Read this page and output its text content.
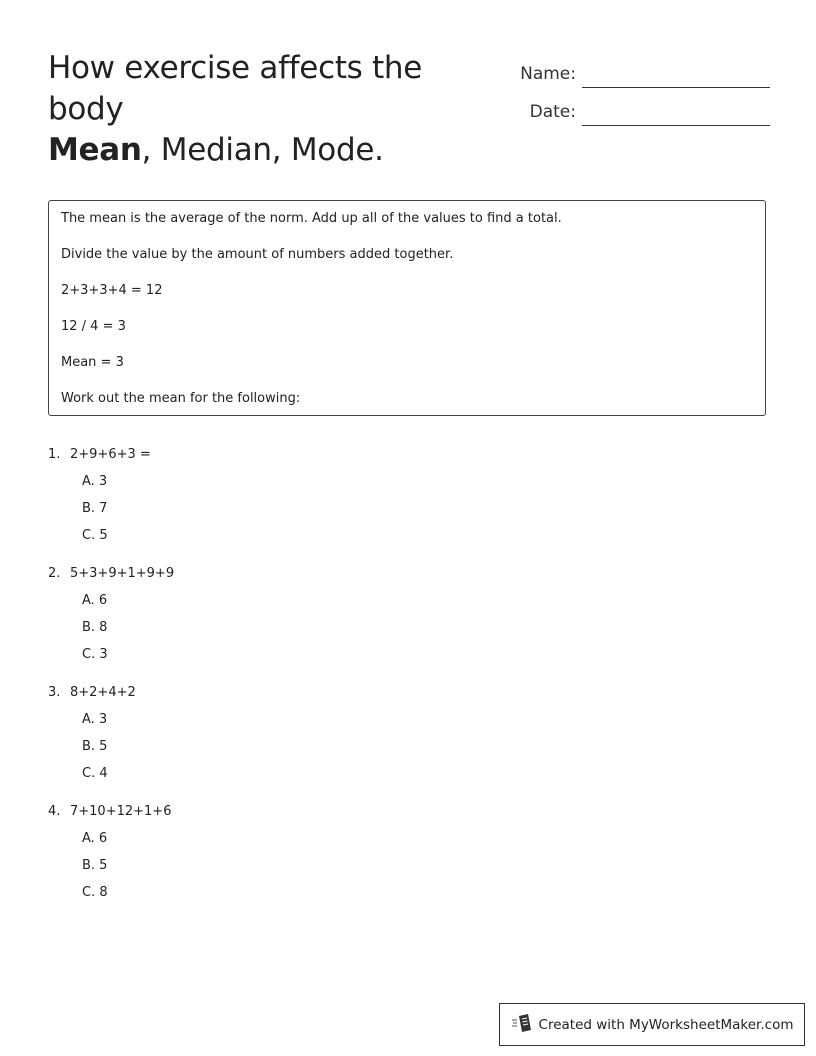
How exercise affects the body
Mean, Median, Mode.
Name:
Date:

The mean is the average of the norm. Add up all of the values to find a total.

Divide the value by the amount of numbers added together.

2+3+3+4 = 12

12 / 4 = 3

Mean = 3

Work out the mean for the following:

1. 2+9+6+3 =
A. 3
B. 7
C. 5
2. 5+3+9+1+9+9
A. 6
B. 8
C. 3
3. 8+2+4+2
A. 3
B. 5
C. 4
4. 7+10+12+1+6
A. 6
B. 5
C. 8
Created with MyWorksheetMaker.com
